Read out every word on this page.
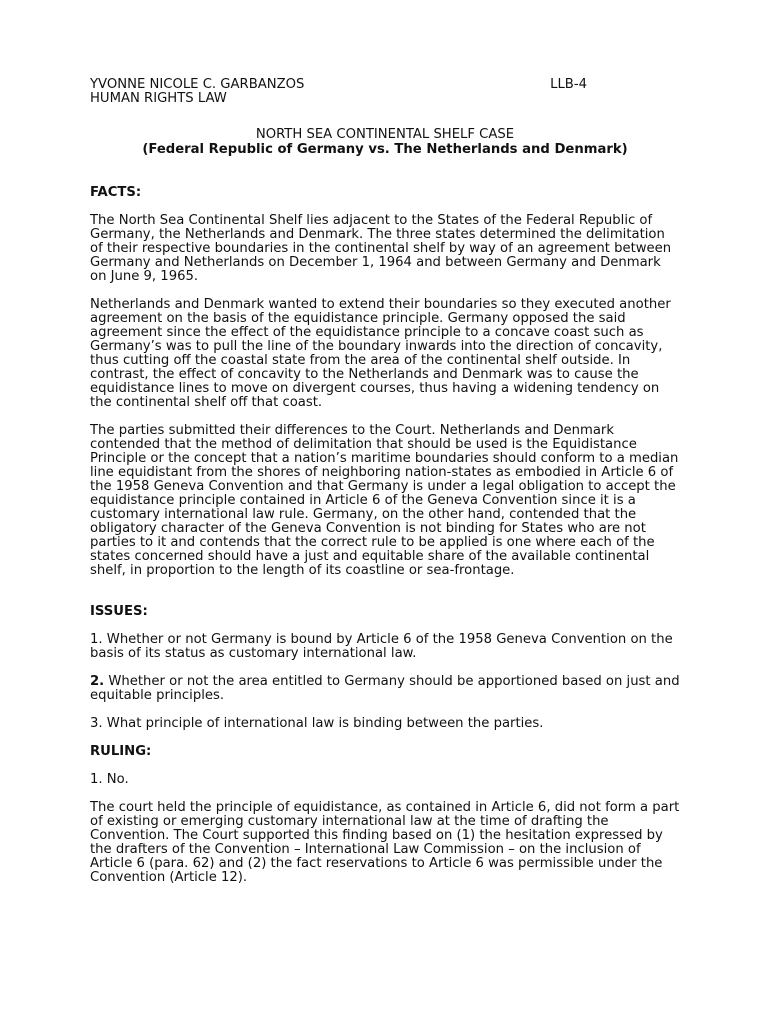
YVONNE NICOLE C. GARBANZOS	LLB-4
HUMAN RIGHTS LAW
NORTH SEA CONTINENTAL SHELF CASE
(Federal Republic of Germany vs. The Netherlands and Denmark)
FACTS:

The North Sea Continental Shelf lies adjacent to the States of the Federal Republic of Germany, the Netherlands and Denmark. The three states determined the delimitation of their respective boundaries in the continental shelf by way of an agreement between Germany and Netherlands on December 1, 1964 and between Germany and Denmark on June 9, 1965.

Netherlands and Denmark wanted to extend their boundaries so they executed another agreement on the basis of the equidistance principle. Germany opposed the said agreement since the effect of the equidistance principle to a concave coast such as Germany’s was to pull the line of the boundary inwards into the direction of concavity, thus cutting off the coastal state from the area of the continental shelf outside. In contrast, the effect of concavity to the Netherlands and Denmark was to cause the equidistance lines to move on divergent courses, thus having a widening tendency on the continental shelf off that coast.

The parties submitted their differences to the Court. Netherlands and Denmark contended that the method of delimitation that should be used is the Equidistance Principle or the concept that a nation’s maritime boundaries should conform to a median line equidistant from the shores of neighboring nation-states as embodied in Article 6 of the 1958 Geneva Convention and that Germany is under a legal obligation to accept the equidistance principle contained in Article 6 of the Geneva Convention since it is a customary international law rule. Germany, on the other hand, contended that the obligatory character of the Geneva Convention is not binding for States who are not parties to it and contends that the correct rule to be applied is one where each of the states concerned should have a just and equitable share of the available continental shelf, in proportion to the length of its coastline or sea-frontage.

ISSUES:

1. Whether or not Germany is bound by Article 6 of the 1958 Geneva Convention on the basis of its status as customary international law.

2. Whether or not the area entitled to Germany should be apportioned based on just and equitable principles.

3. What principle of international law is binding between the parties.

RULING:

1. No.

The court held the principle of equidistance, as contained in Article 6, did not form a part of existing or emerging customary international law at the time of drafting the Convention. The Court supported this finding based on (1) the hesitation expressed by the drafters of the Convention – International Law Commission – on the inclusion of Article 6 (para. 62) and (2) the fact reservations to Article 6 was permissible under the Convention (Article 12).
